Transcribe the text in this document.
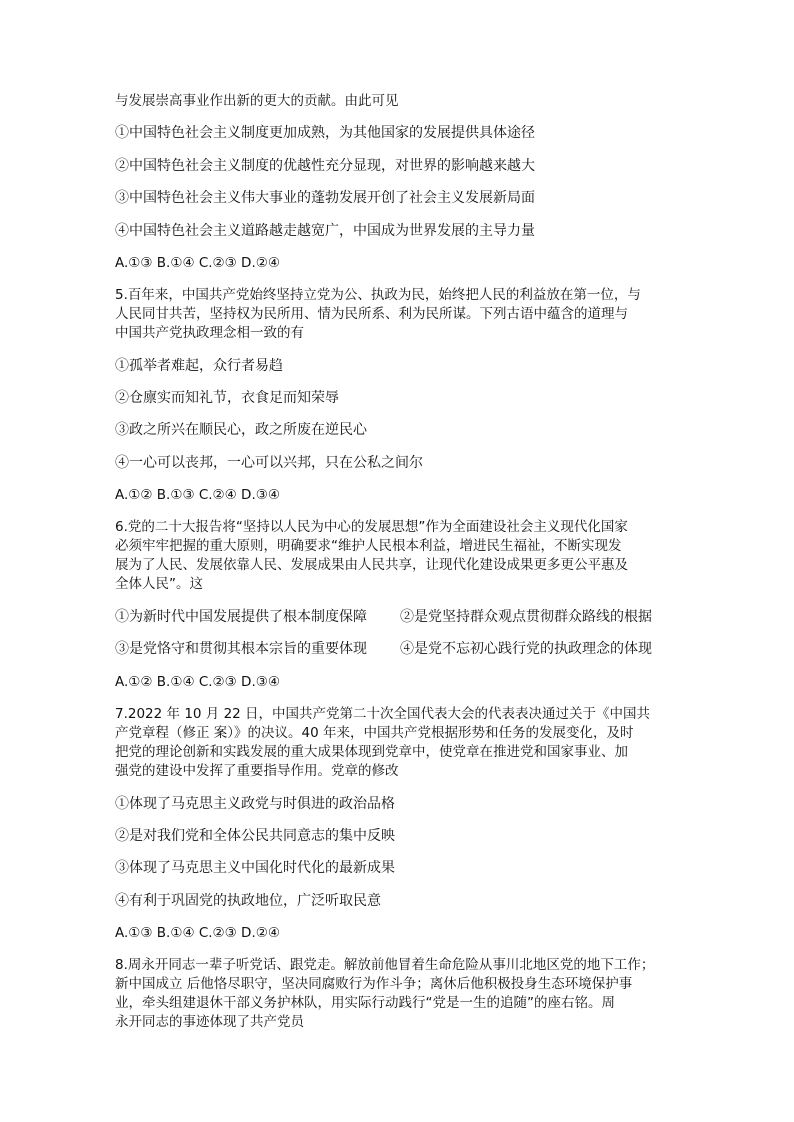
与发展崇高事业作出新的更大的贡献。由此可见
①中国特色社会主义制度更加成熟，为其他国家的发展提供具体途径
②中国特色社会主义制度的优越性充分显现，对世界的影响越来越大
③中国特色社会主义伟大事业的蓬勃发展开创了社会主义发展新局面
④中国特色社会主义道路越走越宽广，中国成为世界发展的主导力量
A.①③ B.①④ C.②③ D.②④
5.百年来，中国共产党始终坚持立党为公、执政为民，始终把人民的利益放在第一位，与
人民同甘共苦，坚持权为民所用、情为民所系、利为民所谋。下列古语中蕴含的道理与
中国共产党执政理念相一致的有
①孤举者难起，众行者易趋
②仓廪实而知礼节，衣食足而知荣辱
③政之所兴在顺民心，政之所废在逆民心
④一心可以丧邦，一心可以兴邦，只在公私之间尔
A.①② B.①③ C.②④ D.③④
6.党的二十大报告将“坚持以人民为中心的发展思想”作为全面建设社会主义现代化国家
必须牢牢把握的重大原则，明确要求“维护人民根本利益，增进民生福祉，不断实现发
展为了人民、发展依靠人民、发展成果由人民共享，让现代化建设成果更多更公平惠及
全体人民”。这
①为新时代中国发展提供了根本制度保障 ②是党坚持群众观点贯彻群众路线的根据
③是党恪守和贯彻其根本宗旨的重要体现 ④是党不忘初心践行党的执政理念的体现
A.①② B.①④ C.②③ D.③④
7.2022 年 10 月 22 日，中国共产党第二十次全国代表大会的代表表决通过关于《中国共
产党章程（修正 案）》的决议。40 年来，中国共产党根据形势和任务的发展变化，及时
把党的理论创新和实践发展的重大成果体现到党章中，使党章在推进党和国家事业、加
强党的建设中发挥了重要指导作用。党章的修改
①体现了马克思主义政党与时俱进的政治品格
②是对我们党和全体公民共同意志的集中反映
③体现了马克思主义中国化时代化的最新成果
④有利于巩固党的执政地位，广泛听取民意
A.①③ B.①④ C.②③ D.②④
8.周永开同志一辈子听党话、跟党走。解放前他冒着生命危险从事川北地区党的地下工作；
新中国成立 后他恪尽职守，坚决同腐败行为作斗争；离休后他积极投身生态环境保护事
业，牵头组建退休干部义务护林队，用实际行动践行“党是一生的追随”的座右铭。周
永开同志的事迹体现了共产党员
